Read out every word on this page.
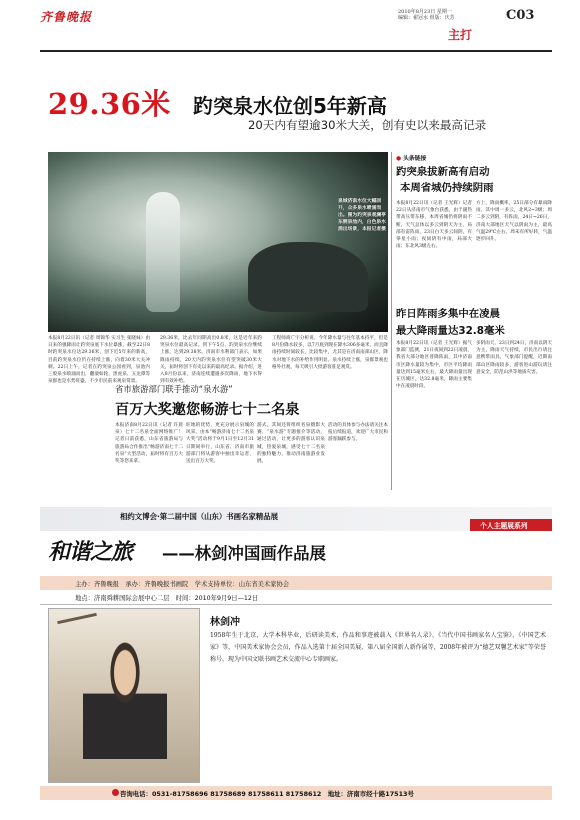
齐鲁晚报	2010年8月23日 星期一
编辑：翟冠水 组版：庆芳	C03
主打
29.36米 趵突泉水位创5年新高
20天内有望逾30米大关，创有史以来最高记录
泉城济南水位大幅回升，众多泉水喷涌而出。图为趵突泉观澜亭东侧泉池内，白色泉水涌出场景，本报记者摄
本报8月22日讯（记者 周锦华 实习生 张晓妹）由日来的强降雨让趵突泉底下水位暴涨，截至22日8时趵突泉水位达29.36米，创下近5年来的新高，目前趵突泉水位仍在持续上涨，向着30米大关冲刺。22日上午，记者在趵突泉公园看到，泉池内三股泉水喷涌而出，翻滚如轮，黑虎泉、五龙潭等泉群也是水势旺盛，不少市民前来观泉赏景。
29.36米，比去年同期高出0.8米，这是近年来趵突泉水位最高记录。到下午5点，趵突泉水位继续上涨，达到29.38米。济南市水利部门表示，如果降雨持续，20天内趵突泉水位有望突破30米大关，届时将创下有史以来的最高纪录。据介绍，进入8月份以来，济南连续遭遇多次降雨，地下水得到有效补给。
工程师商广宇分析说，今年降水量与往年基本持平，但是8月份降水较多，以7月底到现在降水306多毫米，而且降雨持续时间较长，比较集中，尤其是在济南南部山区，降水对地下水的补给作用明显。泉水持续上涨，泉群景观也格外壮观，每天吸引大批游客驻足观赏。
● 头条链接
趵突泉拔新高有启动
本周省城仍持续阴雨
本报8月22日讯（记者 王光辉）记者22日从济南市气象台获悉，由于副热带高压带东移，本周省城仍将阴雨不断，天气总体以多云到阴天为主，局部有雷阵雨，23日白天多云间阴，有零星小雨；夜间阴有中雨，局部大雨；东北风3级左右。
方上，降雨概率，25日部分有暴雨降雨，其中周一多云，北风2~3级；周二多云到阴，有阵雨，24日~26日，济南大部地区天气以阴雨为主，最高气温29℃左右。周末有所好转，气温逐步回升。
昨日阵雨多集中在凌晨
最大降雨量达32.8毫米
本报8月22日讯（记者 王光辉）据气象部门监测，21日夜间到22日凌晨，我省大部分地区普降阵雨，其中济南市区降水量较为集中，市区平均降雨量达到15毫米左右，最大降雨量出现在历城区，达32.8毫米，降雨主要集中在凌晨时段。
多阴雨天，23日到24日，济南以阴天为主，降雨天气持续，市民出行请注意携带雨具，气象部门提醒，近期南部山区降雨较多，游客进山游玩请注意安全，防范山洪等地质灾害。
省市旅游部门联手推动“泉水游”
百万大奖邀您畅游七十二名泉
本报济南8月22日讯（记者 许晨泉）七十二名泉全面网络推广！记者日前获悉，山东省旅游局与旅游局合作推出“畅游济南七十二名泉”大型活动，届时将有百万大奖等您来拿。
旺地的优势，更充分展示泉城的风采，由本“畅游济南七十二名泉大奖”活动将于9月1日至12月31日期间举行，山东省、济南市旅游部门将从游客中抽出幸运者，送出百万大奖。
游式，其间还将组织名泉摄影大赛、“泉水游”专题推介等活动，通过活动，让更多的游客认识泉城，热爱泉城，感受七十二名泉的独特魅力，推动济南旅游业发展。
活动的具体参与办法请关注本报后续报道，欢迎广大市民和游客踊跃参与。
相约文博会·第二届中国（山东）书画名家精品展
个人主题展系列
和谐之旅	——林剑冲国画作品展
主办：齐鲁晚报　承办：齐鲁晚报书画院　学术支持单位：山东省美术家协会
地点：济南舜耕国际会展中心二层　时间：2010年9月9日—12日
林剑冲
1958年生于北京，大学本科毕业，后研读美术，作品和事迹被载入《世界名人录》、《当代中国书画家名人宝鉴》、《中国艺术家》等，中国美术家协会会员，作品入选第十届全国美展、第八届全国新人新作展等，2008年被评为“德艺双馨艺术家”等荣誉称号，现为中国文联书画艺术交流中心专职画家。
咨询电话：0531-81758696 81758689 81758611 81758612　地址：济南市经十路17513号
